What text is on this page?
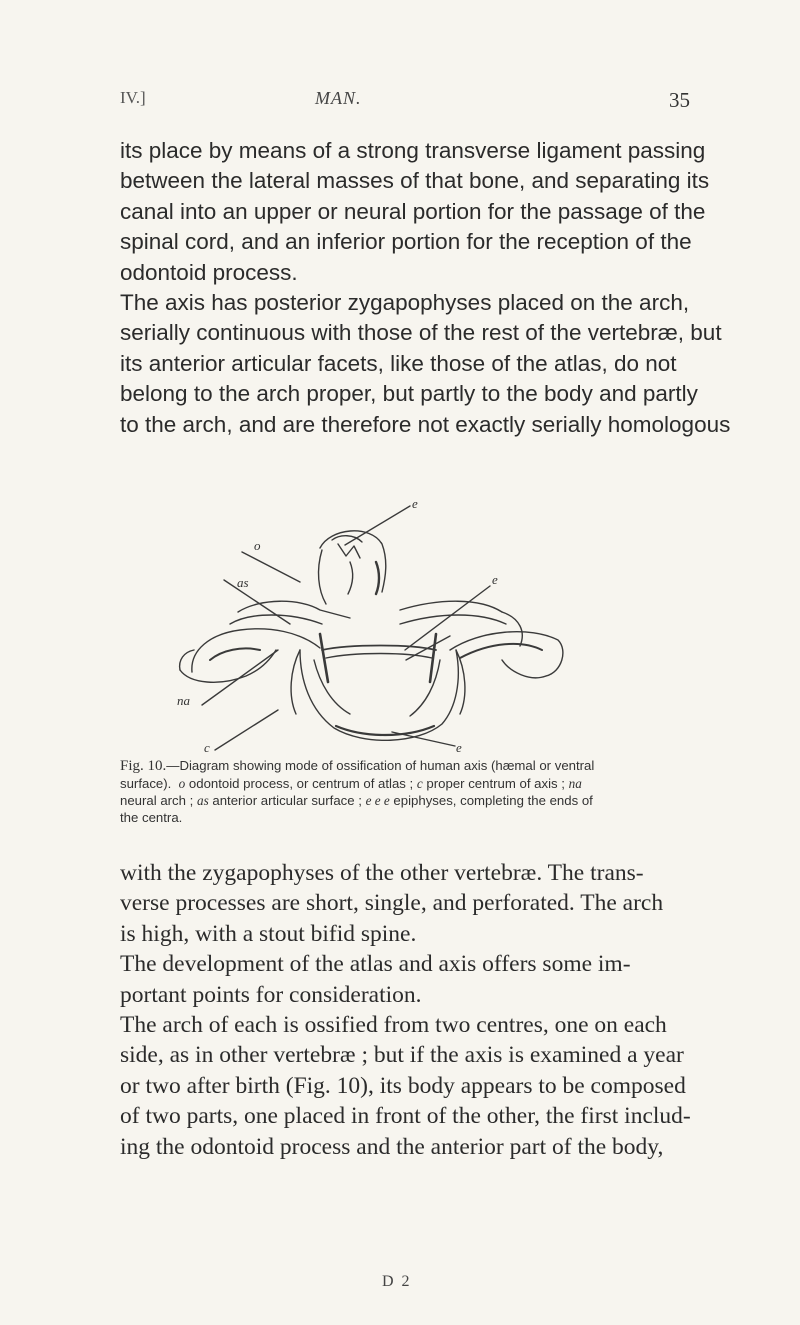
IV.]	MAN.	35

its place by means of a strong transverse ligament passing
between the lateral masses of that bone, and separating its
canal into an upper or neural portion for the passage of the
spinal cord, and an inferior portion for the reception of the
odontoid process.
The axis has posterior zygapophyses placed on the arch,
serially continuous with those of the rest of the vertebræ, but
its anterior articular facets, like those of the atlas, do not
belong to the arch proper, but partly to the body and partly
to the arch, and are therefore not exactly serially homologous

o
as
na
c
e
e
e

Fig. 10.—Diagram showing mode of ossification of human axis (hæmal or ventral
surface). o odontoid process, or centrum of atlas ; c proper centrum of axis ; na
neural arch ; as anterior articular surface ; e e e epiphyses, completing the ends of
the centra.

with the zygapophyses of the other vertebræ. The trans-
verse processes are short, single, and perforated. The arch
is high, with a stout bifid spine.
The development of the atlas and axis offers some im-
portant points for consideration.
The arch of each is ossified from two centres, one on each
side, as in other vertebræ ; but if the axis is examined a year
or two after birth (Fig. 10), its body appears to be composed
of two parts, one placed in front of the other, the first includ-
ing the odontoid process and the anterior part of the body,

D 2
